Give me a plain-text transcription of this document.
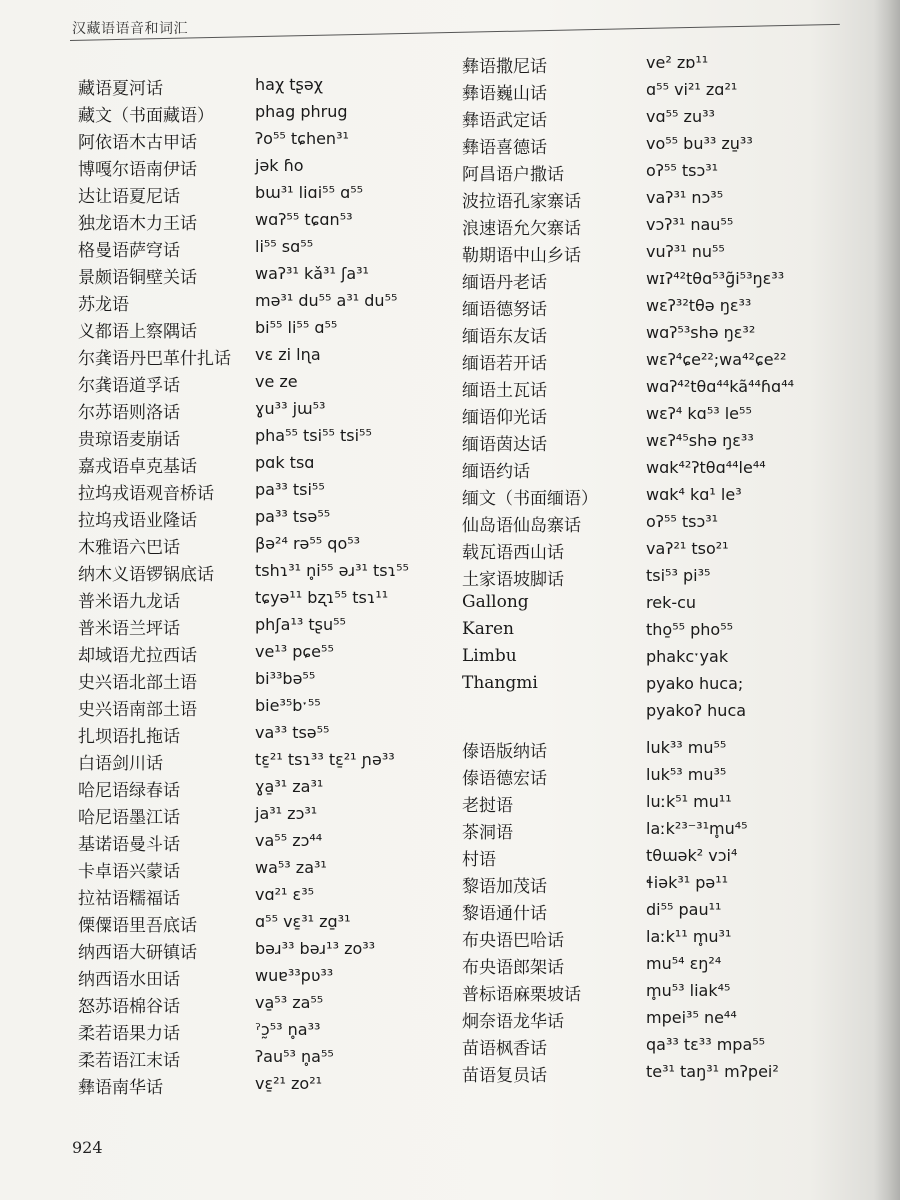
汉藏语语音和词汇
藏语夏河话	haχ tʂəχ
藏文（书面藏语）	phag phrug
阿依语木古甲话	ʔo⁵⁵ tɕhen³¹
博嘎尔语南伊话	jək ɦo
达让语夏尼话	bɯ³¹ liɑi⁵⁵ ɑ⁵⁵
独龙语木力王话	wɑʔ⁵⁵ tɕɑn⁵³
格曼语萨穹话	li⁵⁵ sɑ⁵⁵
景颇语铜壁关话	waʔ³¹ kǎ³¹ ʃa³¹
苏龙语	mə³¹ du⁵⁵ a³¹ du⁵⁵
义都语上察隅话	bi⁵⁵ li⁵⁵ ɑ⁵⁵
尔龚语丹巴革什扎话 vɛ zi lɳa
尔龚语道孚话	ve ze
尔苏语则洛话	ɣu³³ jɯ⁵³
贵琼语麦崩话	pha⁵⁵ tsi⁵⁵ tsi⁵⁵
嘉戎语卓克基话	pɑk tsɑ
拉坞戎语观音桥话	pa³³ tsi⁵⁵
拉坞戎语业隆话	pa³³ tsə⁵⁵
木雅语六巴话	βə²⁴ rə⁵⁵ qo⁵³
纳木义语锣锅底话	tshɿ³¹ n̥i⁵⁵ əɹ³¹ tsɿ⁵⁵
普米语九龙话	tɕyə¹¹ bʐɿ⁵⁵ tsɿ¹¹
普米语兰坪话	phʃa¹³ tʂu⁵⁵
却域语尤拉西话	ve¹³ pɕe⁵⁵
史兴语北部土语	bi³³bə⁵⁵
史兴语南部土语	bie³⁵bˑ⁵⁵
扎坝语扎拖话	va³³ tsə⁵⁵
白语剑川话	tɛ̱²¹ tsɿ³³ tɛ̱²¹ ɲə³³
哈尼语绿春话	ɣa̱³¹ za³¹
哈尼语墨江话	ja³¹ zɔ³¹
基诺语曼斗话	va⁵⁵ zɔ⁴⁴
卡卓语兴蒙话	wa⁵³ za³¹
拉祜语糯福话	vɑ²¹ ɛ³⁵
傈僳语里吾底话	ɑ⁵⁵ vɛ̱³¹ zɑ̱³¹
纳西语大研镇话	bəɹ³³ bəɹ¹³ zo³³
纳西语水田话	wuɐ³³pʋ³³
怒苏语棉谷话	va̱⁵³ za⁵⁵
柔若语果力话	ˀɔ̰⁵³ n̥a³³
柔若语江末话	ʔau⁵³ n̥a⁵⁵
彝语南华话	vɛ̱²¹ zo²¹
彝语撒尼话	ve² zɒ¹¹
彝语巍山话	ɑ⁵⁵ vi²¹ zɑ²¹
彝语武定话	vɑ⁵⁵ zu³³
彝语喜德话	vo⁵⁵ bu³³ zu̱³³
阿昌语户撒话	oʔ⁵⁵ tsɔ³¹
波拉语孔家寨话	vaʔ³¹ nɔ³⁵
浪速语允欠寨话	vɔʔ³¹ nau⁵⁵
勒期语中山乡话	vuʔ³¹ nu⁵⁵
缅语丹老话	wɪʔ⁴²tθɑ⁵³ɡ̃i⁵³ŋɛ³³
缅语德努话	wɛʔ³²tθə ŋɛ³³
缅语东友话	wɑʔ⁵³shə ŋɛ³²
缅语若开话	wɛʔ⁴ɕe²²;wa⁴²ɕe²²
缅语土瓦话	wɑʔ⁴²tθɑ⁴⁴kã⁴⁴ɦɑ⁴⁴
缅语仰光话	wɛʔ⁴ kɑ⁵³ le⁵⁵
缅语茵达话	wɛʔ⁴⁵shə ŋɛ³³
缅语约话	wɑk⁴²ʔtθɑ⁴⁴le⁴⁴
缅文（书面缅语）	wɑk⁴ kɑ¹ le³
仙岛语仙岛寨话	oʔ⁵⁵ tsɔ³¹
载瓦语西山话	vaʔ²¹ tso²¹
土家语坡脚话	tsi⁵³ pi³⁵
Gallong	rek-cu
Karen	tho̱⁵⁵ pho⁵⁵
Limbu	phakcˑyak
Thangmi	pyako huca;
pyakoʔ huca
傣语版纳话	luk³³ mu⁵⁵
傣语德宏话	luk⁵³ mu³⁵
老挝语	luːk⁵¹ mu¹¹
茶洞语	laːk²³⁻³¹m̥u⁴⁵
村语	tθɯək² vɔi⁴
黎语加茂话	ɬiək³¹ pə¹¹
黎语通什话	di⁵⁵ pau¹¹
布央语巴哈话	laːk¹¹ m̥u³¹
布央语郎架话	mu⁵⁴ ɛŋ²⁴
普标语麻栗坡话	m̥u⁵³ liak⁴⁵
炯奈语龙华话	mpei³⁵ ne⁴⁴
苗语枫香话	qa³³ tɛ³³ mpa⁵⁵
苗语复员话	te³¹ taŋ³¹ mʔpei²
924
